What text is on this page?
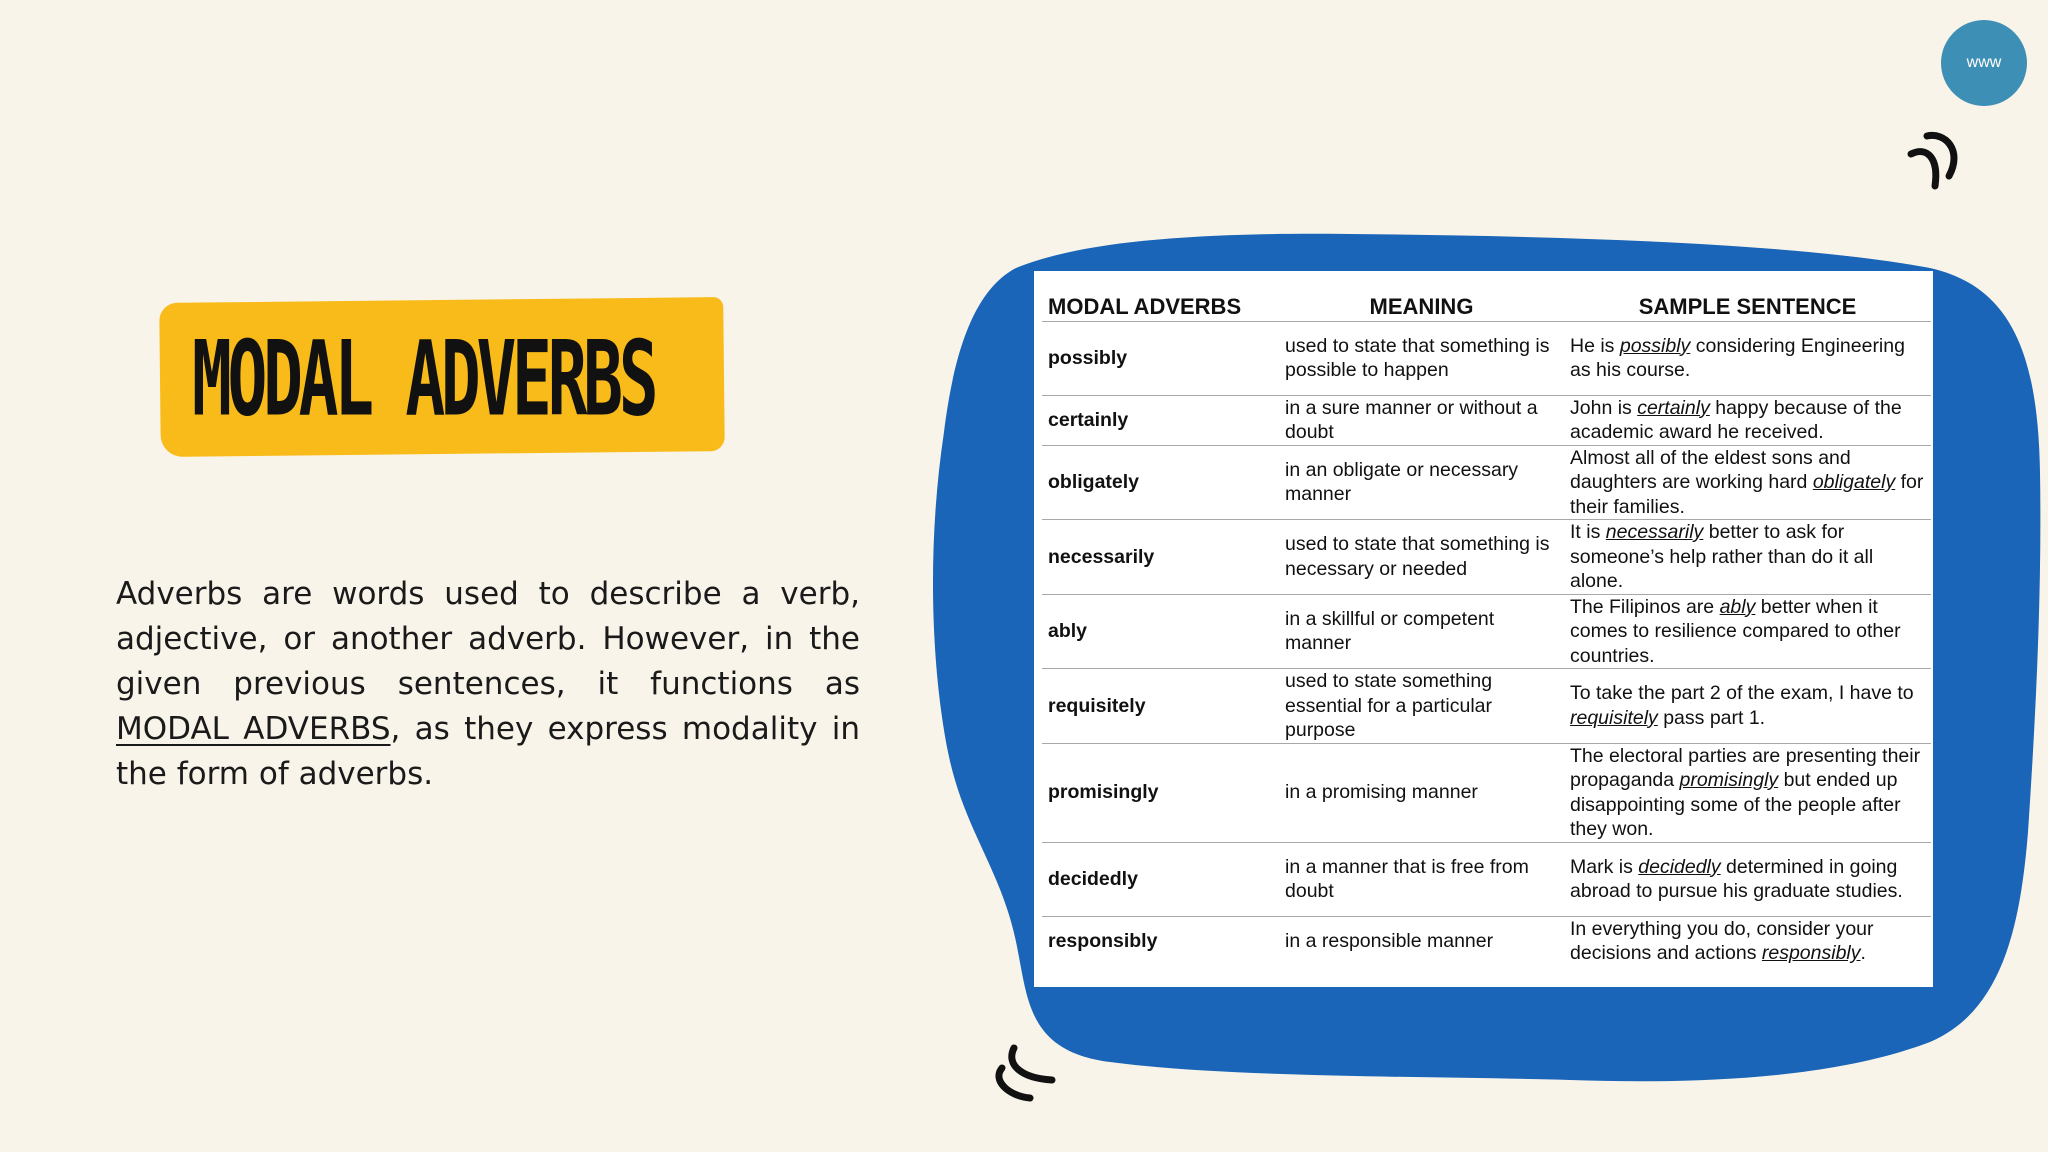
www
MODAL ADVERBS

Adverbs are words used to describe a verb, adjective, or another adverb. However, in the given previous sentences, it functions as MODAL ADVERBS, as they express modality in the form of adverbs.

MODAL ADVERBS	MEANING	SAMPLE SENTENCE
possibly	used to state that something is possible to happen	He is possibly considering Engineering as his course.
certainly	in a sure manner or without a doubt	John is certainly happy because of the academic award he received.
obligately	in an obligate or necessary manner	Almost all of the eldest sons and daughters are working hard obligately for their families.
necessarily	used to state that something is necessary or needed	It is necessarily better to ask for someone’s help rather than do it all alone.
ably	in a skillful or competent manner	The Filipinos are ably better when it comes to resilience compared to other countries.
requisitely	used to state something essential for a particular purpose	To take the part 2 of the exam, I have to requisitely pass part 1.
promisingly	in a promising manner	The electoral parties are presenting their propaganda promisingly but ended up disappointing some of the people after they won.
decidedly	in a manner that is free from doubt	Mark is decidedly determined in going abroad to pursue his graduate studies.
responsibly	in a responsible manner	In everything you do, consider your decisions and actions responsibly.
